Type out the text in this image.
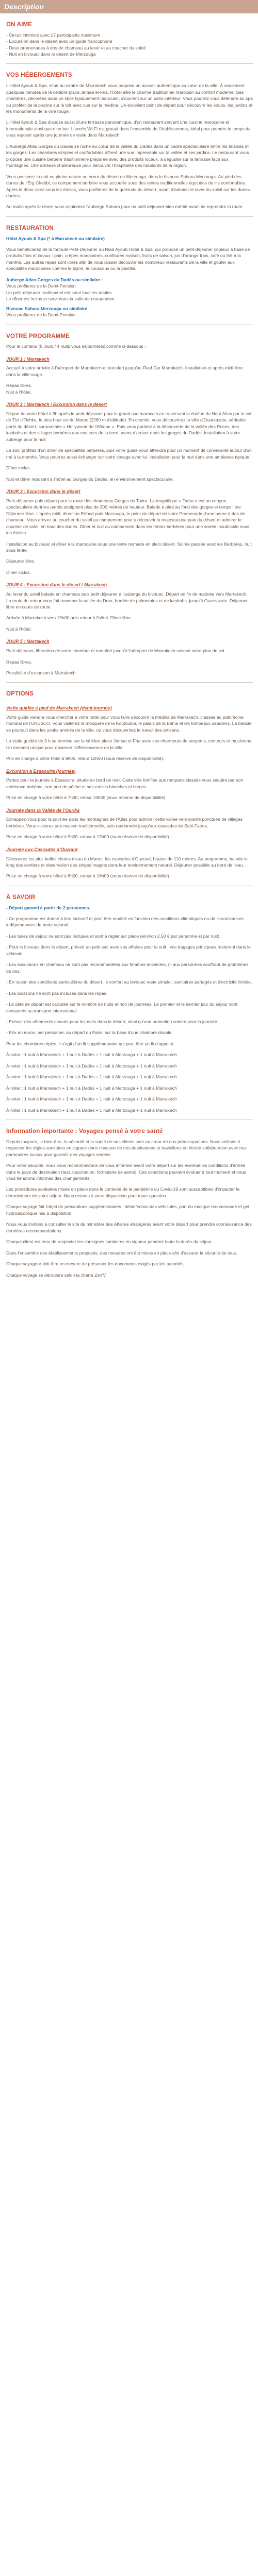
Description
ON AIME

- Circuit intimiste avec 17 participants maximum

- Excursion dans le désert avec un guide francophone

- Deux promenades à dos de chameau au lever et au coucher du soleil

- Nuit en bivouac dans le désert de Merzouga

VOS HÉBERGEMENTS

L'Hôtel Ayoub & Spa, situé au centre de Marrakech vous propose un accueil authentique au cœur de la ville. À seulement quelques minutes de la célèbre place Jemaa el-Fna, l'hôtel allie le charme traditionnel marocain au confort moderne. Ses chambres, décorées dans un style typiquement marocain, s'ouvrent sur un patio intérieur. Vous pourrez vous détendre au spa ou profiter de la piscine sur le toit avec vue sur la médina. Un excellent point de départ pour découvrir les souks, les jardins et les monuments de la ville rouge.

L'Hôtel Ayoub & Spa dispose aussi d'une terrasse panoramique, d'un restaurant servant une cuisine marocaine et internationale ainsi que d'un bar. L'accès Wi-Fi est gratuit dans l'ensemble de l'établissement, idéal pour prendre le temps de vous reposer après une journée de visite dans Marrakech.

L'Auberge Atlas Gorges du Dadès se niche au cœur de la vallée du Dadès dans un cadre spectaculaire entre les falaises et les gorges. Les chambres simples et confortables offrent une vue imprenable sur la vallée et ses jardins. Le restaurant vous propose une cuisine berbère traditionnelle préparée avec des produits locaux, à déguster sur la terrasse face aux montagnes. Une adresse chaleureuse pour découvrir l'hospitalité des habitants de la région.

Vous passerez la nuit en pleine nature au cœur du désert de Merzouga, dans le bivouac Sahara Merzouga. Au pied des dunes de l'Erg Chebbi, ce campement berbère vous accueille sous des tentes traditionnelles équipées de lits confortables. Après le dîner servi sous les étoiles, vous profiterez de la quiétude du désert, avant d'admirer le lever du soleil sur les dunes dorées.

Au matin après le réveil, vous rejoindrez l'auberge Sahara pour un petit déjeuner bien mérité avant de reprendre la route.

RESTAURATION

Hôtel Ayoub & Spa (* à Marrakech ou similaire)

Vous bénéficierez de la formule Petit-Déjeuner au Riad Ayoub Hotel & Spa, qui propose un petit-déjeuner copieux à base de produits frais et locaux : pain, crêpes marocaines, confitures maison, fruits de saison, jus d'orange frais, café ou thé à la menthe. Les autres repas sont libres afin de vous laisser découvrir les nombreux restaurants de la ville et goûter aux spécialités marocaines comme le tajine, le couscous ou la pastilla.

Auberge Atlas Gorges du Dadès ou similaire :

Vous profiterez de la Demi-Pension

Un petit-déjeuner traditionnel est servi tous les matins.

Le dîner est inclus et servi dans la salle de restauration.

Bivouac Sahara Merzouga ou similaire

Vous profiterez de la Demi-Pension.

VOTRE PROGRAMME

Pour le contenu (5 jours / 4 nuits vous séjournerez comme ci-dessous :

JOUR 1 : Marrakech

Accueil à votre arrivée à l'aéroport de Marrakech et transfert jusqu'au Riad Dar Marrakech. Installation et après-midi libre dans la ville rouge.

Repas libres.

Nuit à l'hôtel.

JOUR 2 : Marrakech / Excursion dans le désert

Départ de votre hôtel à 8h après le petit-déjeuner pour le grand sud marocain en traversant la chaîne du Haut Atlas par le col de Tizi n'Tichka, le plus haut col du Maroc (2260 m d'altitude). En chemin, vous découvrirez la ville d'Ouarzazate, véritable porte du désert, surnommée « Hollywood de l'Afrique ». Puis vous partirez à la découverte de la vallée des Roses, des kasbahs et des villages berbères aux couleurs de la terre, avant d'arriver dans les gorges du Dadès. Installation à votre auberge pour la nuit.

Le soir, profitez d'un dîner de spécialités berbères, puis votre guide vous attendra pour un moment de convivialité autour d'un thé à la menthe. Vous pourrez aussi échanger sur votre voyage avec lui. Installation pour la nuit dans une ambiance typique.

Dîner inclus.

Nuit et dîner reposant à l'hôtel au Gorges du Dadès, en environnement spectaculaire.

JOUR 3 : Excursion dans le désert

Petit-déjeuner puis départ pour la route des chameaux Gorges du Todra. La magnifique « Todra » est un canyon spectaculaire dont les parois atteignent plus de 300 mètres de hauteur. Balade à pied au fond des gorges et temps libre. Déjeuner libre. L'après-midi, direction Erfoud puis Merzouga, le point de départ de votre Promenade d'une heure à dos de chameau. Vous arrivez au coucher du soleil au campement pour y découvrir la majestueuse paix du désert et admirer le coucher de soleil en haut des dunes. Dîner et nuit au campement dans les tentes berbères pour une soirée inoubliable sous les étoiles.

Installation au bivouac et dîner à la marocaine sous une tente nomade en plein désert. Soirée passée avec les Berbères, nuit sous tente.

Déjeuner libre.

Dîner inclus.

JOUR 4 : Excursion dans le désert / Marrakech

Au lever du soleil balade en chameau puis petit déjeuner à l'auberge du bivouac. Départ en fin de matinée vers Marrakech. La route du retour vous fait traverser la vallée du Draa, bordée de palmeraies et de kasbahs, jusqu'à Ouarzazate. Déjeuner libre en cours de route.

Arrivée à Marrakech vers 19h00 puis retour à l'hôtel. Dîner libre.

Nuit à l'hôtel.

JOUR 5 : Marrakech

Petit-déjeuner, libération de votre chambre et transfert jusqu'à l'aéroport de Marrakech suivant votre plan de vol.

Repas libres.

Possibilité d'excursion à Marrakech.

OPTIONS
Visite guidée à pied de Marrakech (demi-journée)

Votre guide viendra vous chercher à votre hôtel pour vous faire découvrir la médina de Marrakech, classée au patrimoine mondial de l'UNESCO. Vous visiterez la mosquée de la Koutoubia, le palais de la Bahia et les tombeaux saadiens. La balade se poursuit dans les souks animés de la ville, où vous découvrirez le travail des artisans.

La visite guidée de 3 h se termine sur la célèbre place Jemaa el-Fna avec ses charmeurs de serpents, conteurs et musiciens. Un moment unique pour observer l'effervescence de la ville.

Prix en charge à votre hôtel à 9h00, retour 12h00 (sous réserve de disponibilité).

Excursion à Essaouira (journée)

Partez pour la journée à Essaouira, située en bord de mer. Cette ville fortifiée aux remparts classés vous séduira par son ambiance bohème, son port de pêche et ses ruelles blanches et bleues.

Prise en charge à votre hôtel à 7h30, retour 19h00 (sous réserve de disponibilité).

Journée dans la Vallée de l'Ourika

Échappez-vous pour la journée dans les montagnes de l'Atlas pour admirer cette vallée verdoyante ponctuée de villages berbères. Vous visiterez une maison traditionnelle, puis randonnée jusqu'aux cascades de Setti Fatma.

Prise en charge à votre hôtel à 9h00, retour à 17h00 (sous réserve de disponibilité).

Journée aux Cascades d'Ouzoud

Découvrez les plus belles chutes d'eau du Maroc, les cascades d'Ouzoud, hautes de 110 mètres. Au programme, balade le long des sentiers et observation des singes magots dans leur environnement naturel. Déjeuner possible au bord de l'eau.

Prise en charge à votre hôtel à 8h00, retour à 18h00 (sous réserve de disponibilité).

À SAVOIR

- Départ garanti à partir de 2 personnes.

- Ce programme est donné à titre indicatif et peut être modifié en fonction des conditions climatiques ou de circonstances indépendantes de notre volonté.

- Les taxes de séjour ne sont pas incluses et sont à régler sur place (environ 2,50 € par personne et par nuit).

- Pour le bivouac dans le désert, prévoir un petit sac avec vos affaires pour la nuit ; vos bagages principaux resteront dans le véhicule.

- Les excursions en chameau ne sont pas recommandées aux femmes enceintes, ni aux personnes souffrant de problèmes de dos.

- En raison des conditions particulières du désert, le confort au bivouac reste simple : sanitaires partagés et électricité limitée.

- Les boissons ne sont pas incluses dans les repas.

- La date de départ est calculée sur le nombre de nuits et non de journées. Le premier et le dernier jour du séjour sont consacrés au transport international.

- Prévoir des vêtements chauds pour les nuits dans le désert, ainsi qu'une protection solaire pour la journée.

- Prix en euros, par personne, au départ du Paris, sur la base d'une chambre double.

Pour les chambres triples, il s'agit d'un lit supplémentaire qui peut être un lit d'appoint.

À noter : 1 nuit à Marrakech + 1 nuit à Dadès + 1 nuit à Merzouga + 1 nuit à Marrakech

À noter : 1 nuit à Marrakech + 1 nuit à Dadès + 1 nuit à Merzouga + 1 nuit à Marrakech

À noter : 1 nuit à Marrakech + 1 nuit à Dadès + 1 nuit à Merzouga + 1 nuit à Marrakech

À noter : 1 nuit à Marrakech + 1 nuit à Dadès + 1 nuit à Merzouga + 1 nuit à Marrakech

À noter : 1 nuit à Marrakech + 1 nuit à Dadès + 1 nuit à Merzouga + 1 nuit à Marrakech

À noter : 1 nuit à Marrakech + 1 nuit à Dadès + 1 nuit à Merzouga + 1 nuit à Marrakech

Information importante : Voyages pensé à votre santé

Depuis toujours, le bien-être, la sécurité et la santé de nos clients sont au cœur de nos préoccupations. Nous veillons à respecter les règles sanitaires en vigueur dans chacune de nos destinations et travaillons en étroite collaboration avec nos partenaires locaux pour garantir des voyages sereins.

Pour votre sécurité, nous vous recommandons de vous informer avant votre départ sur les éventuelles conditions d'entrée dans le pays de destination (test, vaccination, formulaire de santé). Ces conditions peuvent évoluer à tout moment et nous vous tiendrons informés des changements.

Les procédures sanitaires mises en place dans le contexte de la pandémie du Covid-19 sont susceptibles d'impacter le déroulement de votre séjour. Nous restons à votre disposition pour toute question.

Chaque voyage fait l'objet de précautions supplémentaires : désinfection des véhicules, port du masque recommandé et gel hydroalcoolique mis à disposition.

Nous vous invitons à consulter le site du ministère des Affaires étrangères avant votre départ pour prendre connaissance des dernières recommandations.

Chaque client est tenu de respecter les consignes sanitaires en vigueur pendant toute la durée du séjour.

Dans l'ensemble des établissements proposés, des mesures ont été mises en place afin d'assurer la sécurité de tous.

Chaque voyageur doit être en mesure de présenter les documents exigés par les autorités.

Chaque voyage se déroulera selon la charte Zen'V.
